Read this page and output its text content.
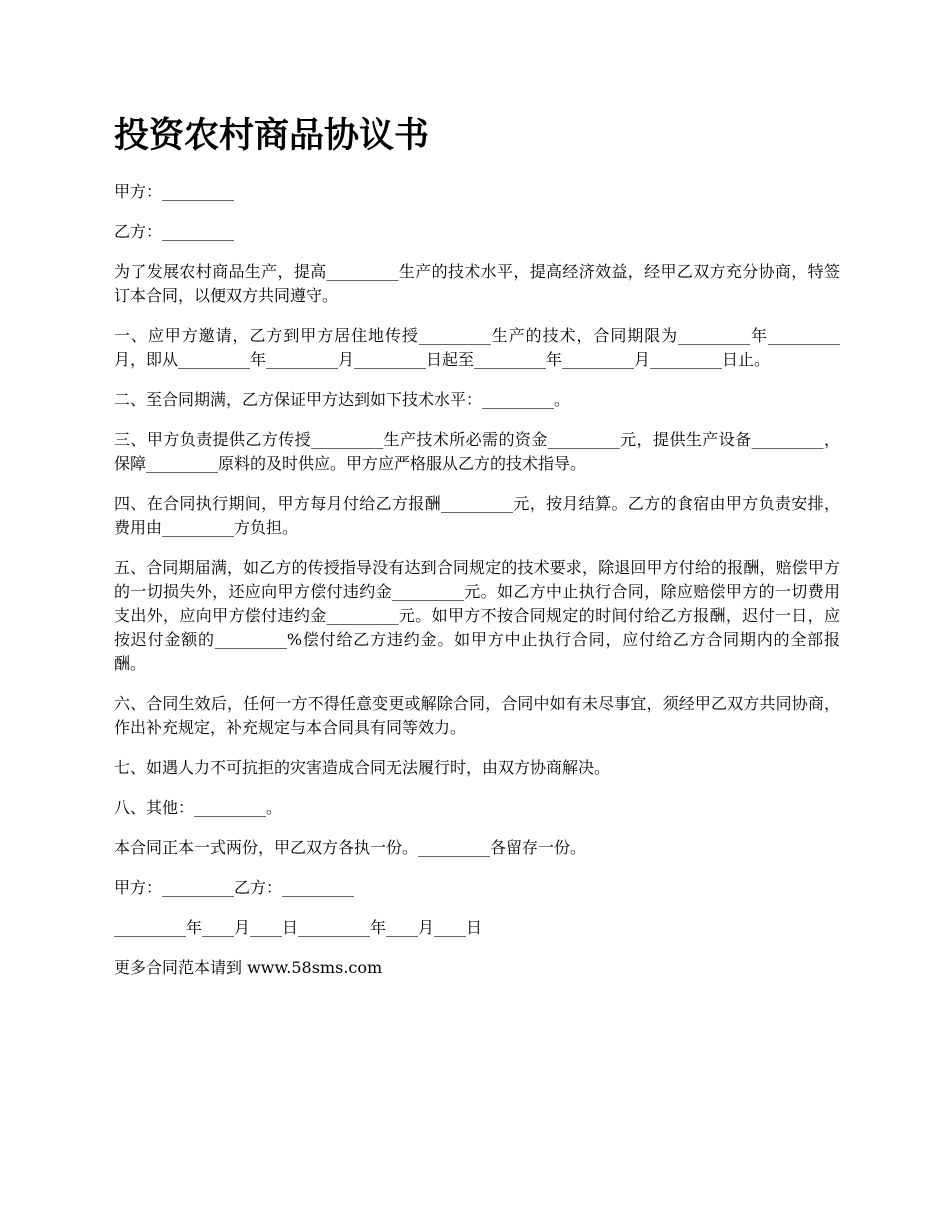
投资农村商品协议书

甲方：_________

乙方：_________

为了发展农村商品生产，提高_________生产的技术水平，提高经济效益，经甲乙双方充分协商，特签订本合同，以便双方共同遵守。

一、应甲方邀请，乙方到甲方居住地传授_________生产的技术，合同期限为_________年_________月，即从_________年_________月_________日起至_________年_________月_________日止。

二、至合同期满，乙方保证甲方达到如下技术水平：_________。

三、甲方负责提供乙方传授_________生产技术所必需的资金_________元，提供生产设备_________，保障_________原料的及时供应。甲方应严格服从乙方的技术指导。

四、在合同执行期间，甲方每月付给乙方报酬_________元，按月结算。乙方的食宿由甲方负责安排，费用由_________方负担。

五、合同期届满，如乙方的传授指导没有达到合同规定的技术要求，除退回甲方付给的报酬，赔偿甲方的一切损失外，还应向甲方偿付违约金_________元。如乙方中止执行合同，除应赔偿甲方的一切费用支出外，应向甲方偿付违约金_________元。如甲方不按合同规定的时间付给乙方报酬，迟付一日，应按迟付金额的_________%偿付给乙方违约金。如甲方中止执行合同，应付给乙方合同期内的全部报酬。

六、合同生效后，任何一方不得任意变更或解除合同，合同中如有未尽事宜，须经甲乙双方共同协商，作出补充规定，补充规定与本合同具有同等效力。

七、如遇人力不可抗拒的灾害造成合同无法履行时，由双方协商解决。

八、其他：_________。

本合同正本一式两份，甲乙双方各执一份。_________各留存一份。

甲方：_________乙方：_________

_________年____月____日_________年____月____日

更多合同范本请到 www.58sms.com
